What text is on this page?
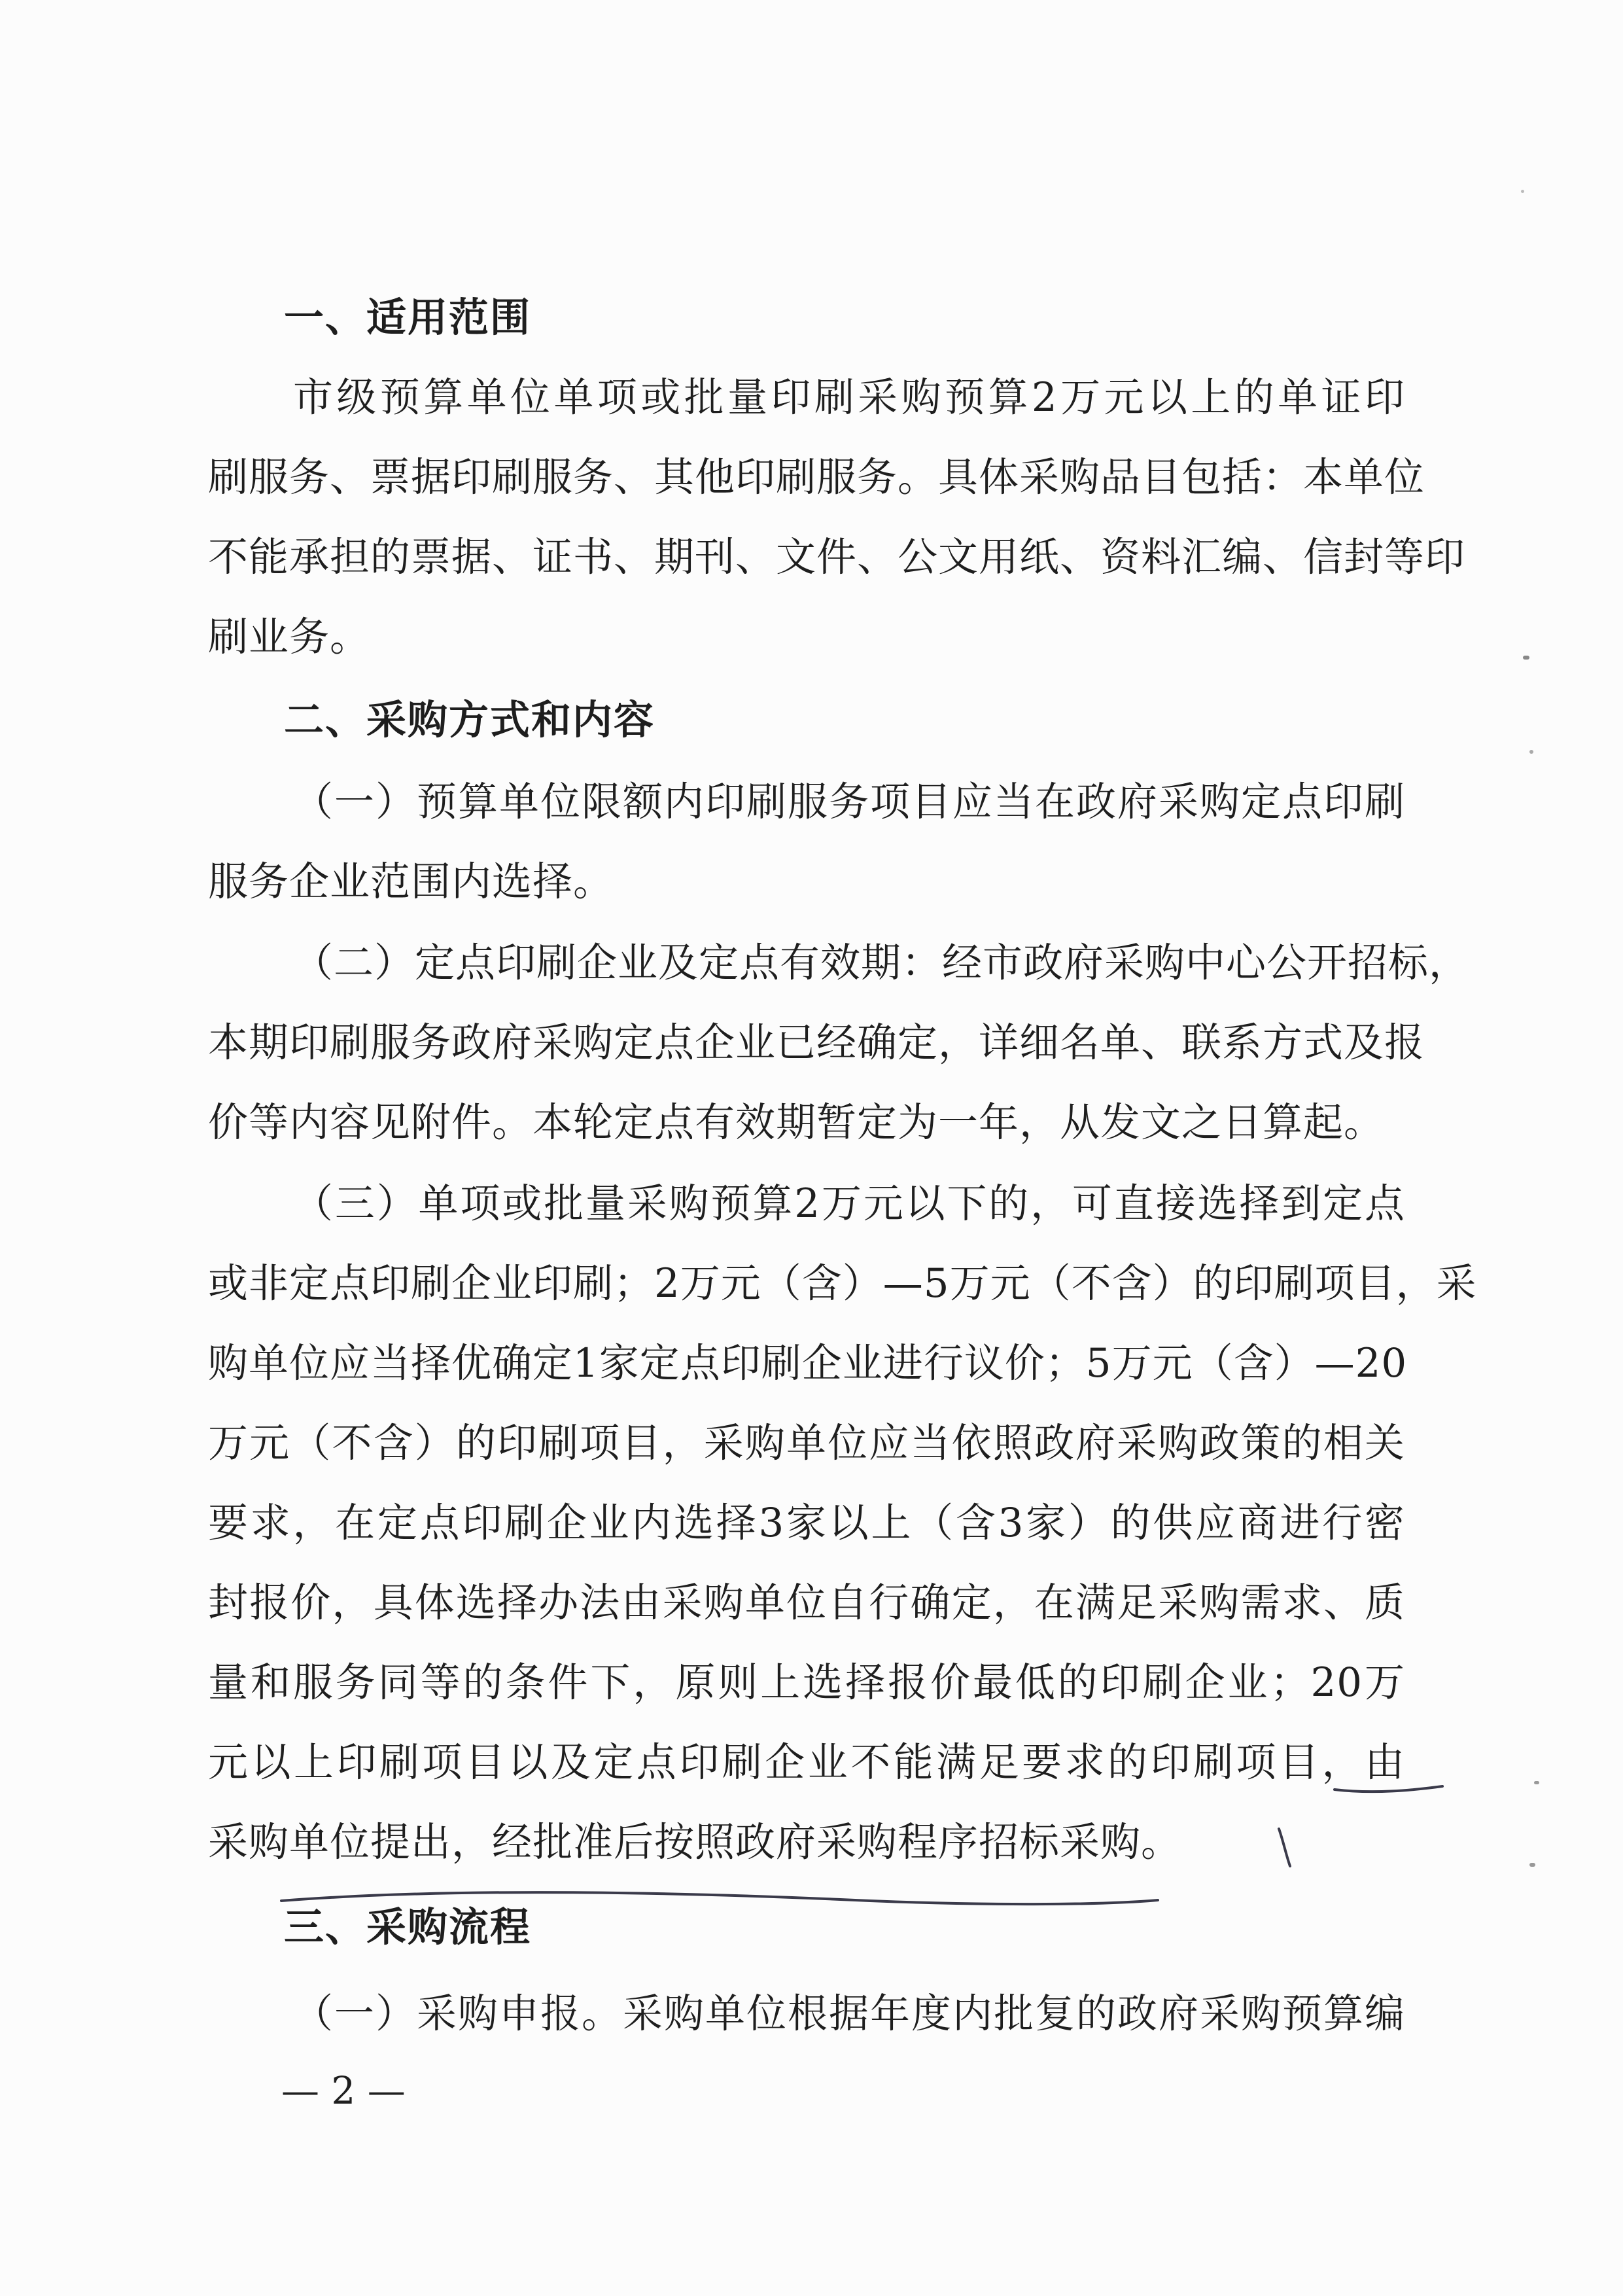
一、适用范围
市级预算单位单项或批量印刷采购预算2万元以上的单证印
刷服务、票据印刷服务、其他印刷服务。具体采购品目包括：本单位
不能承担的票据、证书、期刊、文件、公文用纸、资料汇编、信封等印
刷业务。
二、采购方式和内容
（一）预算单位限额内印刷服务项目应当在政府采购定点印刷
服务企业范围内选择。
（二）定点印刷企业及定点有效期：经市政府采购中心公开招标，
本期印刷服务政府采购定点企业已经确定，详细名单、联系方式及报
价等内容见附件。本轮定点有效期暂定为一年，从发文之日算起。
（三）单项或批量采购预算2万元以下的，可直接选择到定点
或非定点印刷企业印刷；2万元（含）—5万元（不含）的印刷项目，采
购单位应当择优确定1家定点印刷企业进行议价；5万元（含）—20
万元（不含）的印刷项目，采购单位应当依照政府采购政策的相关
要求，在定点印刷企业内选择3家以上（含3家）的供应商进行密
封报价，具体选择办法由采购单位自行确定，在满足采购需求、质
量和服务同等的条件下，原则上选择报价最低的印刷企业；20万
元以上印刷项目以及定点印刷企业不能满足要求的印刷项目，由
采购单位提出，经批准后按照政府采购程序招标采购。
三、采购流程
（一）采购申报。采购单位根据年度内批复的政府采购预算编
— 2 —
